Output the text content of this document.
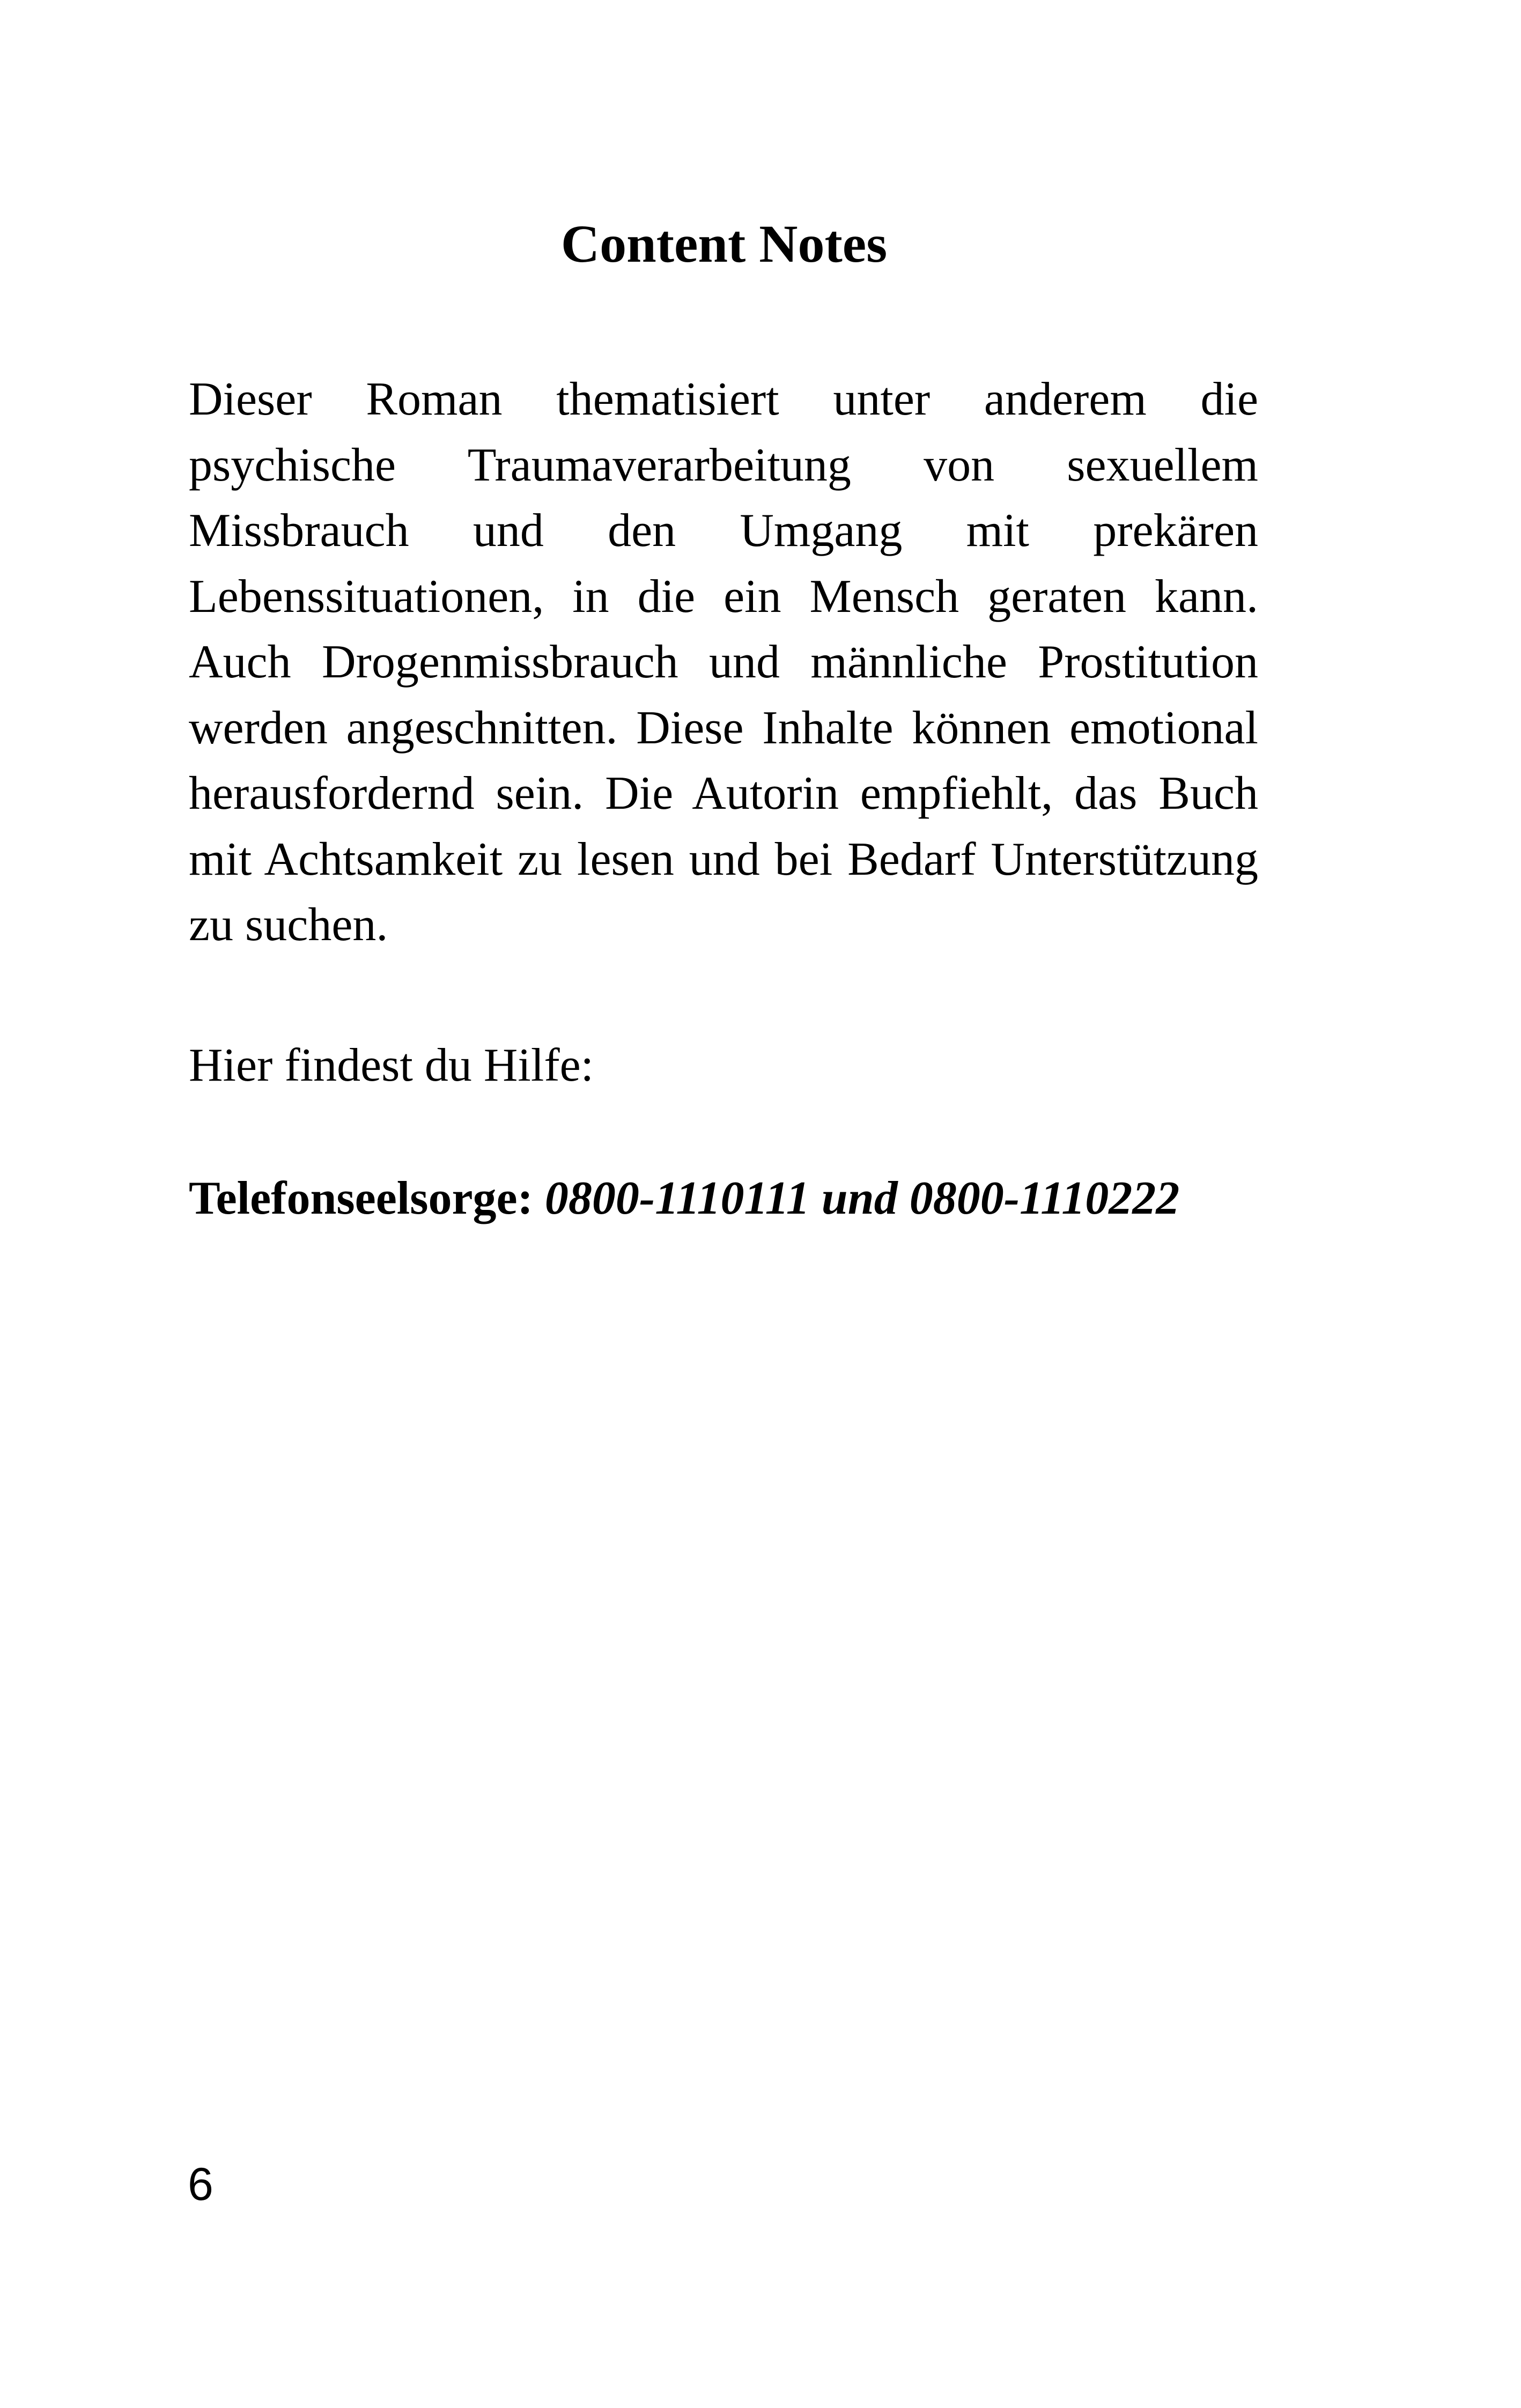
Content Notes

Dieser Roman thematisiert unter anderem die psychische Traumaverarbeitung von sexuellem Missbrauch und den Umgang mit prekären Lebenssituationen, in die ein Mensch geraten kann. Auch Drogenmissbrauch und männliche Prostitution werden angeschnitten. Diese Inhalte können emotional herausfordernd sein. Die Autorin empfiehlt, das Buch mit Achtsamkeit zu lesen und bei Bedarf Unterstützung zu suchen.

Hier findest du Hilfe:

Telefonseelsorge: 0800-1110111 und 0800-1110222

6
